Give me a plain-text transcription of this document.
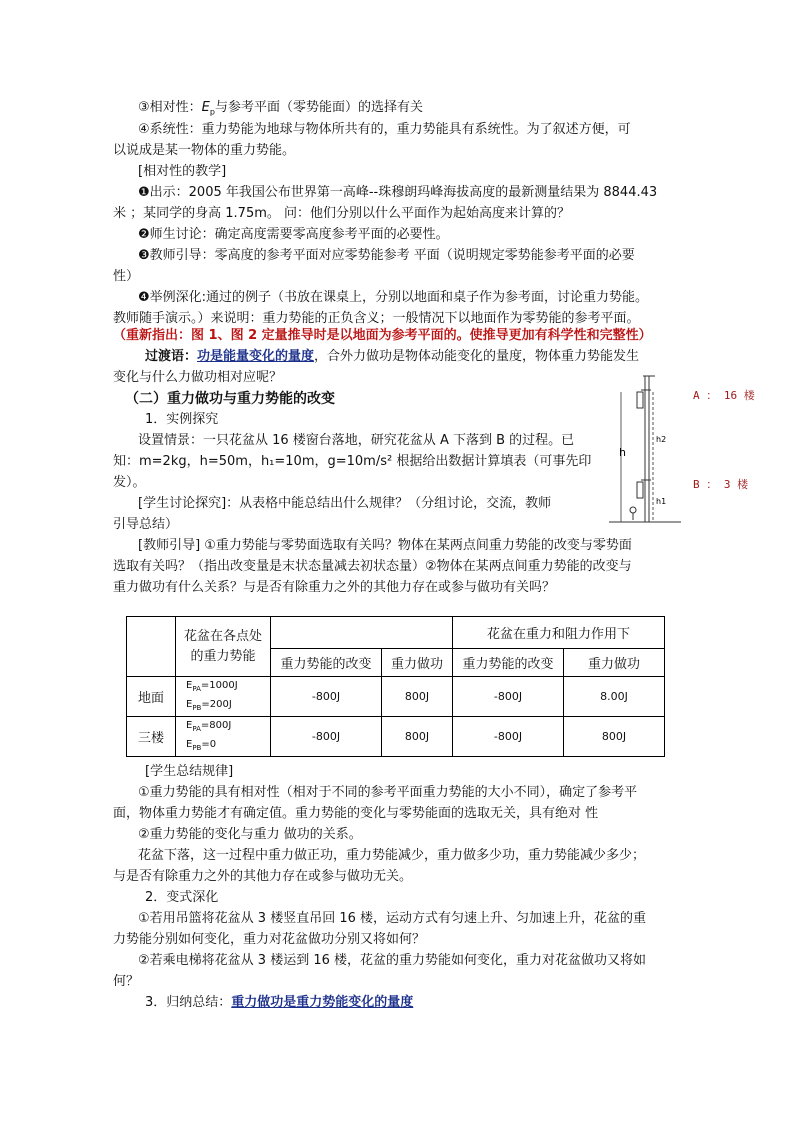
③相对性：$E_p$与参考平面（零势能面）的选择有关
④系统性：重力势能为地球与物体所共有的，重力势能具有系统性。为了叙述方便，可
以说成是某一物体的重力势能。
[相对性的教学]
❶出示：2005 年我国公布世界第一高峰--珠穆朗玛峰海拔高度的最新测量结果为 8844.43
米 ；某同学的身高 1.75m。 问：他们分别以什么平面作为起始高度来计算的？
❷师生讨论：确定高度需要零高度参考平面的必要性。
❸教师引导：零高度的参考平面对应零势能参考 平面（说明规定零势能参考平面的必要
性）
❹举例深化:通过的例子（书放在课桌上，分别以地面和桌子作为参考面，讨论重力势能。
教师随手演示。）来说明：重力势能的正负含义；一般情况下以地面作为零势能的参考平面。
（重新指出：图 1、图 2 定量推导时是以地面为参考平面的。使推导更加有科学性和完整性）
过渡语：功是能量变化的量度，合外力做功是物体动能变化的量度，物体重力势能发生
变化与什么力做功相对应呢？
（二）重力做功与重力势能的改变
1．实例探究
设置情景：一只花盆从 16 楼窗台落地，研究花盆从 A 下落到 B 的过程。已
知：m=2kg，h=50m，h₁=10m，g=10m/s² 根据给出数据计算填表（可事先印
发）。
[学生讨论探究]：从表格中能总结出什么规律？（分组讨论，交流，教师
引导总结）
[教师引导] ①重力势能与零势面选取有关吗？物体在某两点间重力势能的改变与零势面
选取有关吗？（指出改变量是末状态量减去初状态量）②物体在某两点间重力势能的改变与
重力做功有什么关系？与是否有除重力之外的其他力存在或参与做功有关吗？
h
h2
h1
A ： 16 楼
B ： 3 楼

	花盆在各点处
的重力势能			花盆在重力和阻力作用下	
		重力势能的改变	重力做功	重力势能的改变	重力做功
地面	$E_{PA}=1000J$
$E_{PB}=200J$	-800J	800J	-800J	8.00J
三楼	$E_{PA}=800J$
$E_{PB}=0$	-800J	800J	-800J	800J
[学生总结规律]
①重力势能的具有相对性（相对于不同的参考平面重力势能的大小不同），确定了参考平
面，物体重力势能才有确定值。重力势能的变化与零势能面的选取无关，具有绝对 性
②重力势能的变化与重力 做功的关系。
花盆下落，这一过程中重力做正功，重力势能减少，重力做多少功，重力势能减少多少；
与是否有除重力之外的其他力存在或参与做功无关。
2．变式深化
①若用吊篮将花盆从 3 楼竖直吊回 16 楼，运动方式有匀速上升、匀加速上升，花盆的重
力势能分别如何变化，重力对花盆做功分别又将如何？
②若乘电梯将花盆从 3 楼运到 16 楼，花盆的重力势能如何变化，重力对花盆做功又将如
何？
3．归纳总结：重力做功是重力势能变化的量度
